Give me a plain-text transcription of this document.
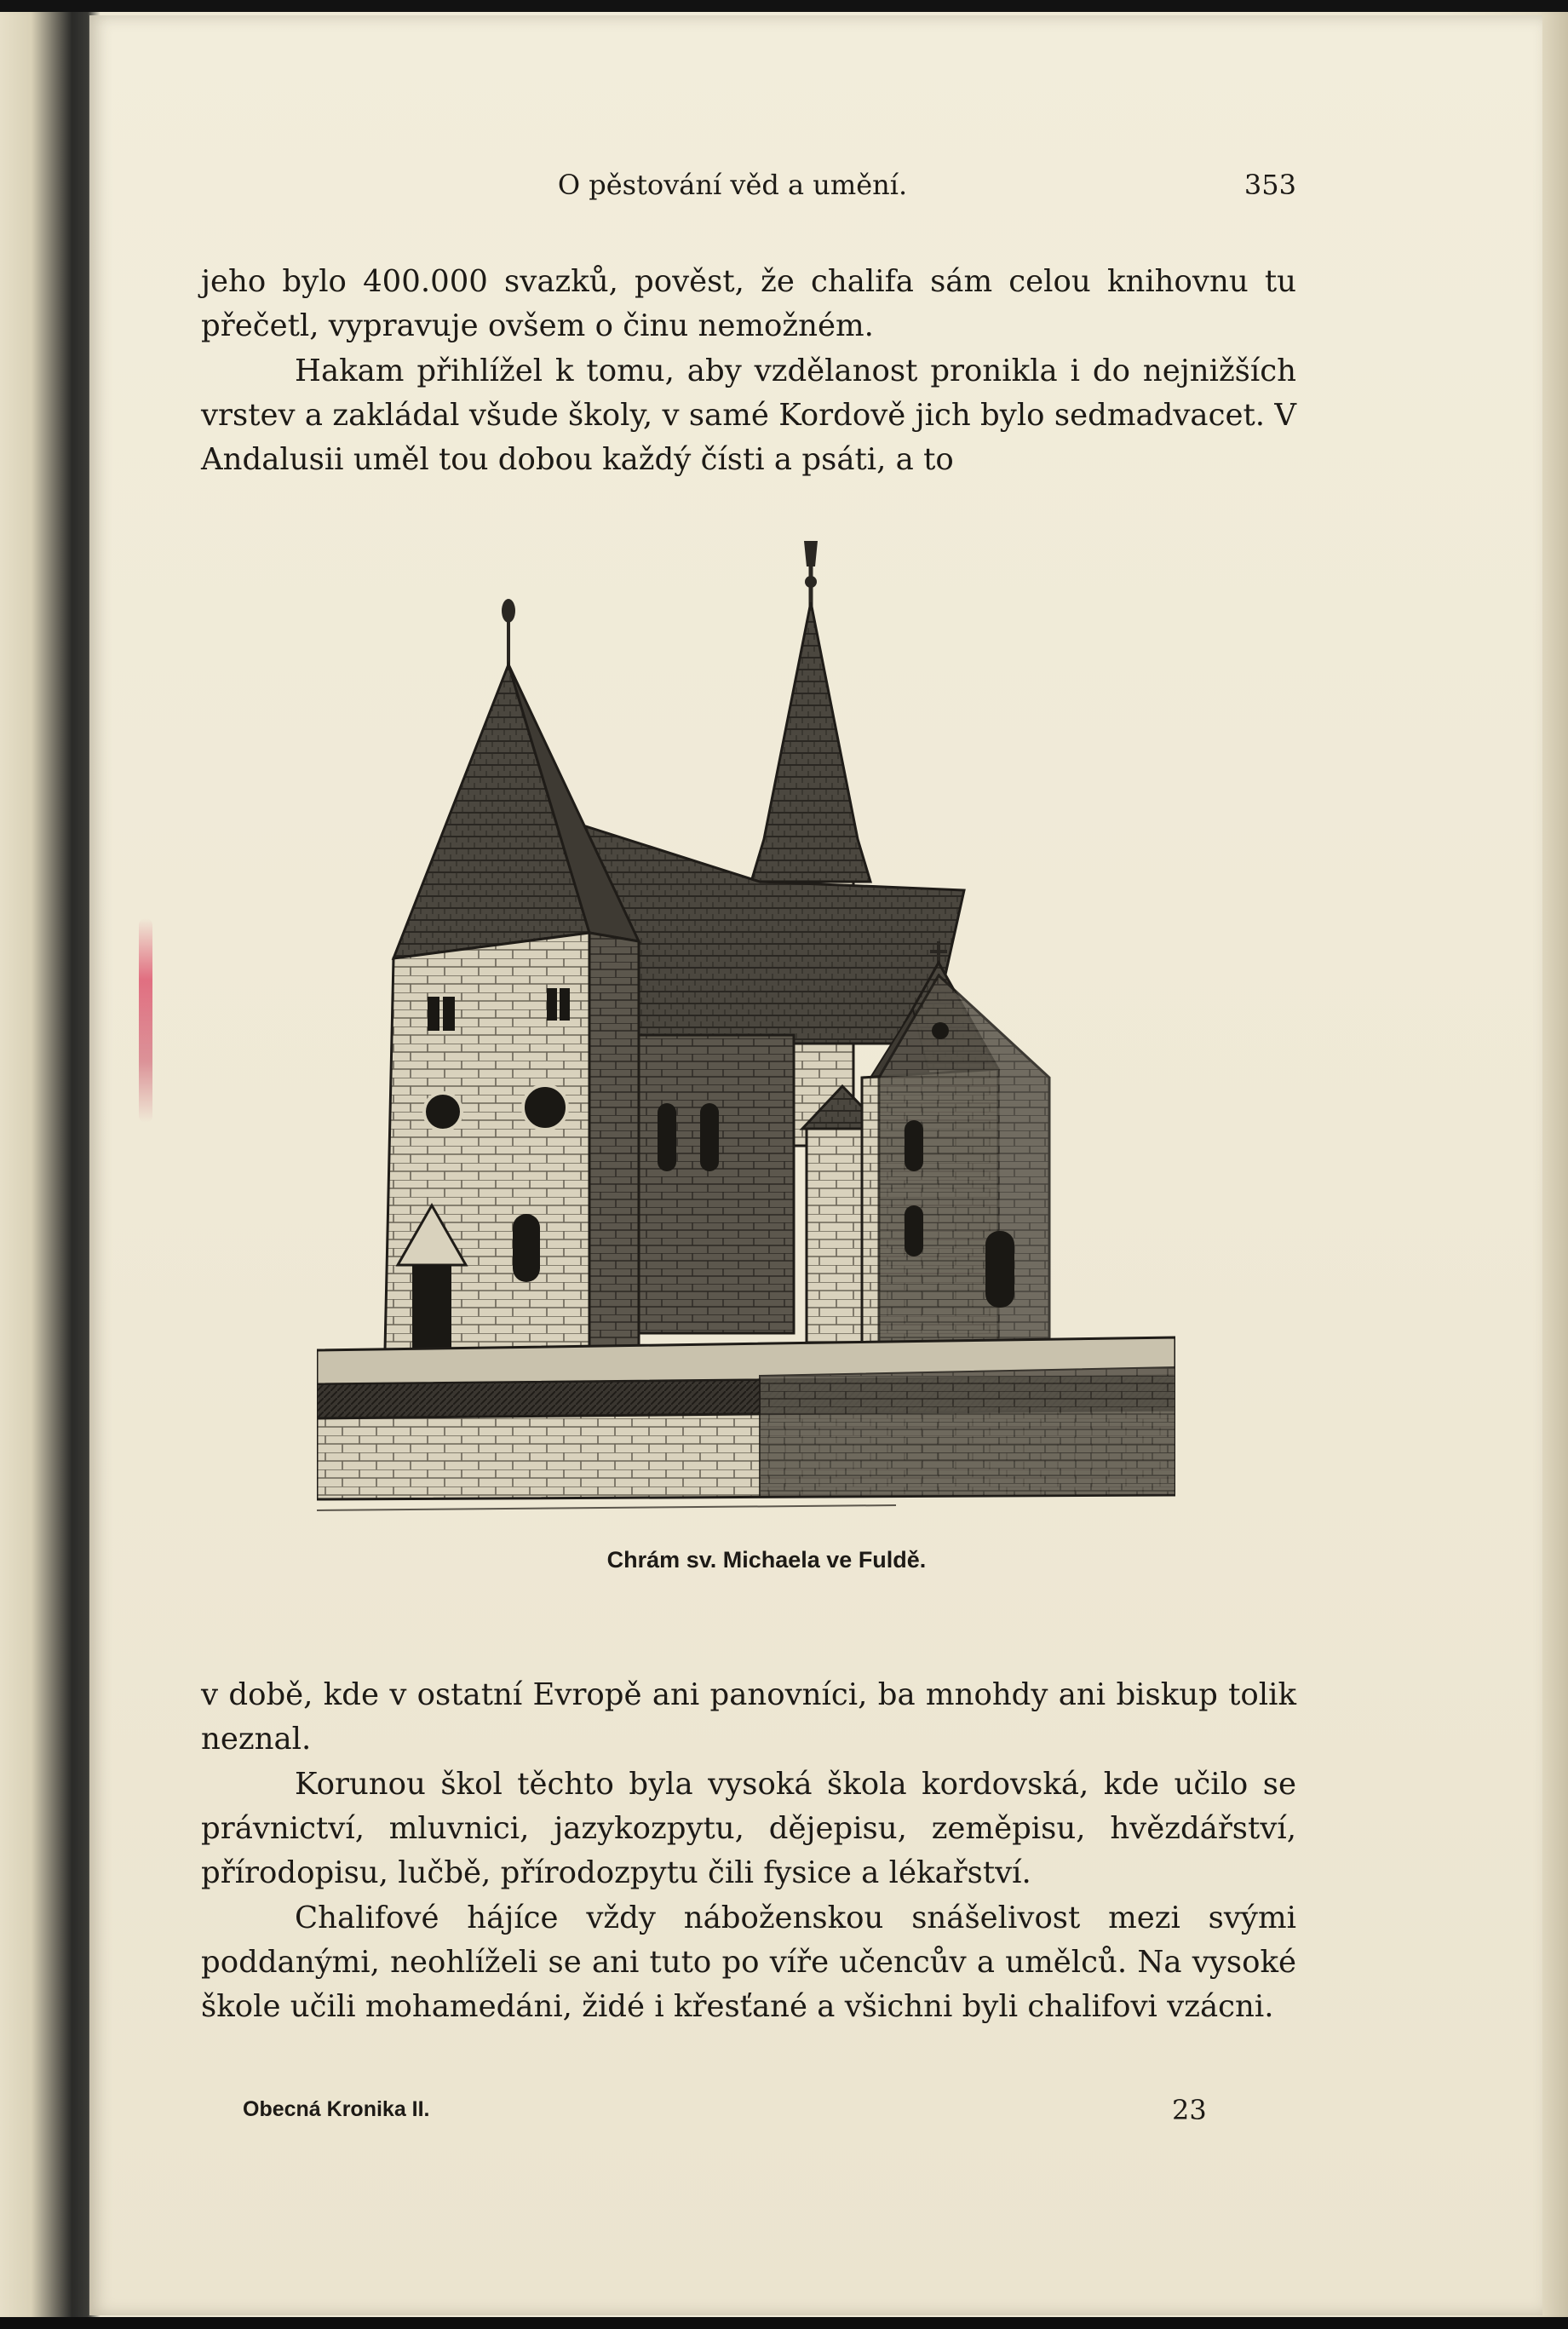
O pěstování věd a umění.	353

jeho bylo 400.000 svazků, pověst, že chalifa sám celou knihovnu tu přečetl, vypravuje ovšem o činu nemožném.

Hakam přihlížel k tomu, aby vzdělanost pronikla i do nejnižších vrstev a zakládal všude školy, v samé Kordově jich bylo sedmadvacet. V Andalusii uměl tou dobou každý čísti a psáti, a to

Chrám sv. Michaela ve Fuldě.

v době, kde v ostatní Evropě ani panovníci, ba mnohdy ani biskup tolik neznal.

Korunou škol těchto byla vysoká škola kordovská, kde učilo se právnictví, mluvnici, jazykozpytu, dějepisu, zeměpisu, hvězdářství, přírodopisu, lučbě, přírodozpytu čili fysice a lékařství.

Chalifové hájíce vždy náboženskou snášelivost mezi svými poddanými, neohlíželi se ani tuto po víře učencův a umělců. Na vysoké škole učili mohamedáni, židé i křesťané a všichni byli chalifovi vzácni.

Obecná Kronika II.	23
